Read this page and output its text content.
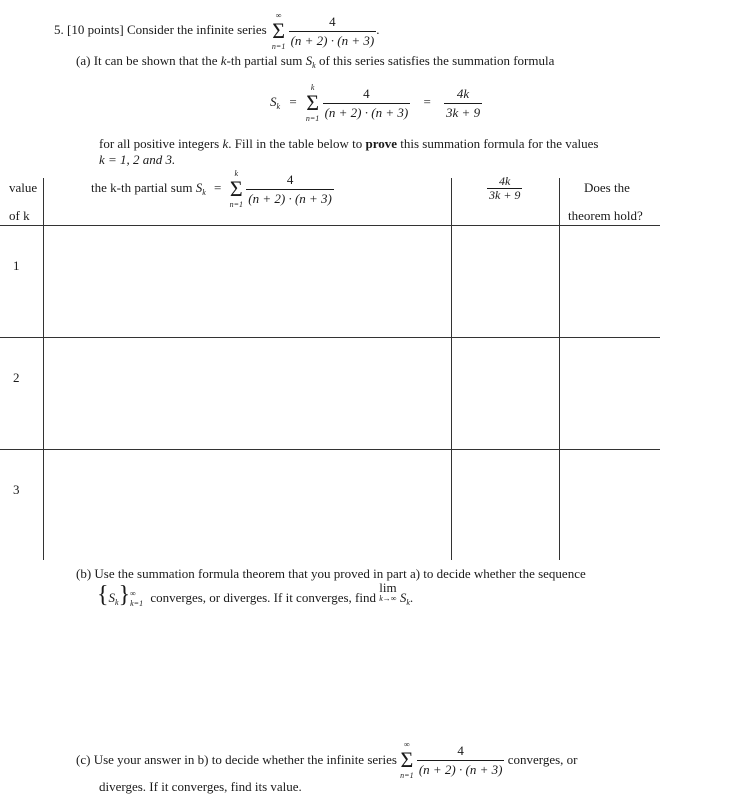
5. [10 points] Consider the infinite series
∞
Σ
n=1
$\frac{4}{(n + 2) \cdot (n + 3)}$ .
(a) It can be shown that the k-th partial sum $S_k$ of this series satisfies the summation formula
$S_k$ =
k
Σ
n=1
$\frac{4}{(n + 2) \cdot (n + 3)} = \frac{4k}{3k + 9}$
for all positive integers k. Fill in the table below to prove this summation formula for the values
k = 1, 2 and 3.
value
of k
the k-th partial sum $S_k$ =
k
Σ
n=1
$\frac{4}{(n + 2) \cdot (n + 3)}$	$\frac{4k}{3k + 9}$	Does the
theorem hold?
1
2
3
(b) Use the summation formula theorem that you proved in part a) to decide whether the sequence
$\{S_k\}$ ∞
k=1 converges, or diverges. If it converges, find
lim
k→∞ $S_k$.
(c) Use your answer in b) to decide whether the infinite series
∞
Σ
n=1
$\frac{4}{(n + 2) \cdot (n + 3)}$ converges, or
diverges. If it converges, find its value.
